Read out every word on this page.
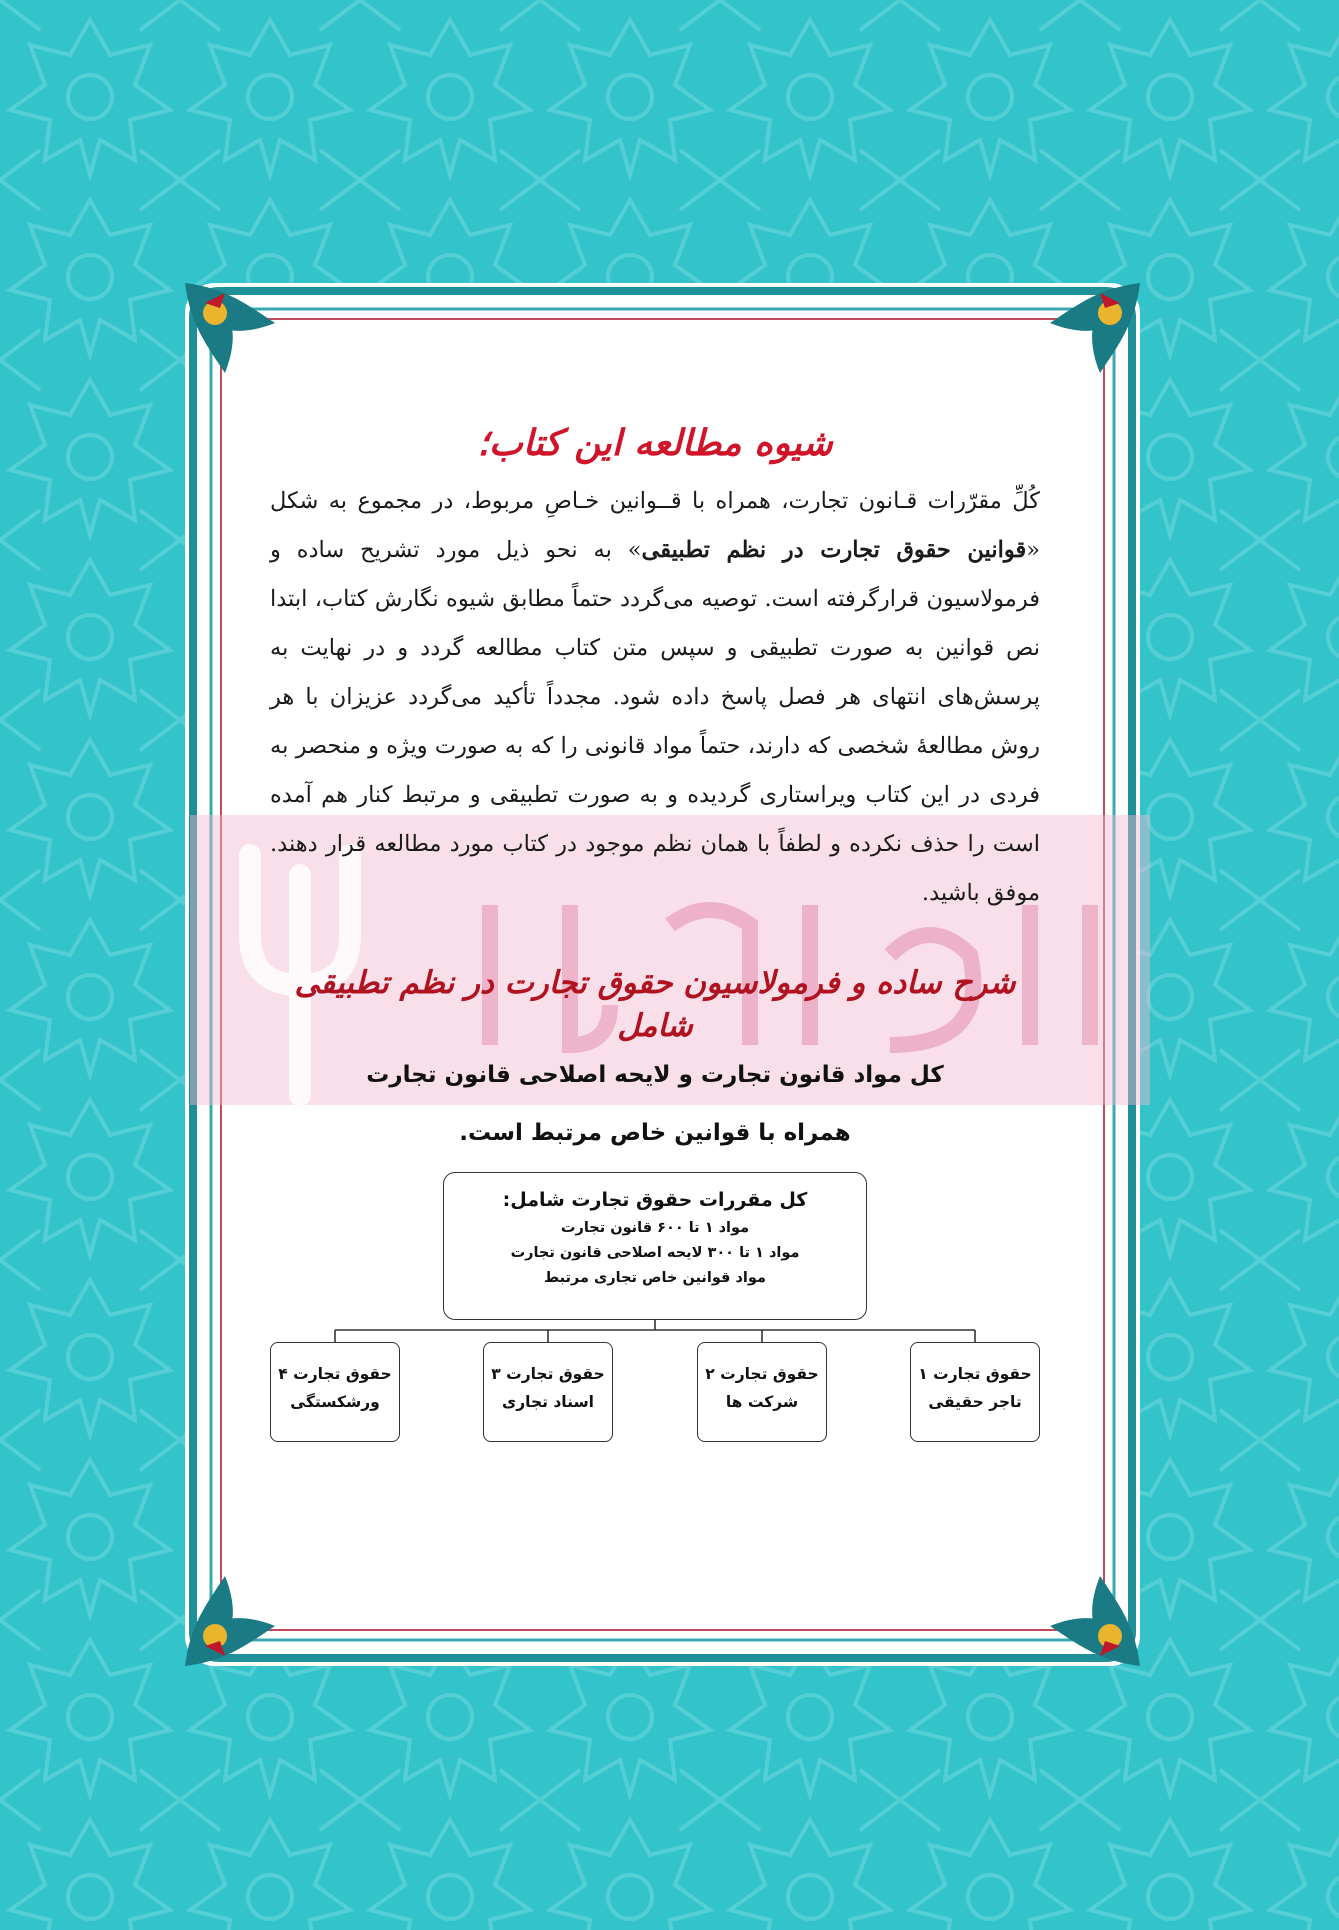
شیوه مطالعه این کتاب؛

کُلِّ مقرّرات قـانون تجارت، همراه با قــوانین خـاصِ مربوط، در مجموع به شکل «قوانین حقوق تجارت در نظم تطبیقی» به نحو ذیل مورد تشریح ساده و فرمولاسیون قرارگرفته است. توصیه می‌گردد حتماً مطابق شیوه نگارش کتاب، ابتدا نص قوانین به صورت تطبیقی و سپس متن کتاب مطالعه گردد و در نهایت به پرسش‌های انتهای هر فصل پاسخ داده شود. مجدداً تأکید می‌گردد عزیزان با هر روش مطالعهٔ شخصی که دارند، حتماً مواد قانونی را که به صورت ویژه و منحصر به فردی در این کتاب ویراستاری گردیده و به صورت تطبیقی و مرتبط کنار هم آمده است را حذف نکرده و لطفاً با همان نظم موجود در کتاب مورد مطالعه قرار دهند. موفق باشید.

شرح ساده و فرمولاسیون حقوق تجارت در نظم تطبیقی شامل
کل مواد قانون تجارت و لایحه اصلاحی قانون تجارت
همراه با قوانین خاص مرتبط است.
کل مقررات حقوق تجارت شامل:
مواد ۱ تا ۶۰۰ قانون تجارت
مواد ۱ تا ۳۰۰ لایحه اصلاحی قانون تجارت
مواد قوانین خاص تجاری مرتبط
حقوق تجارت ۱
تاجر حقیقی
حقوق تجارت ۲
شرکت ها
حقوق تجارت ۳
اسناد تجاری
حقوق تجارت ۴
ورشکستگی
